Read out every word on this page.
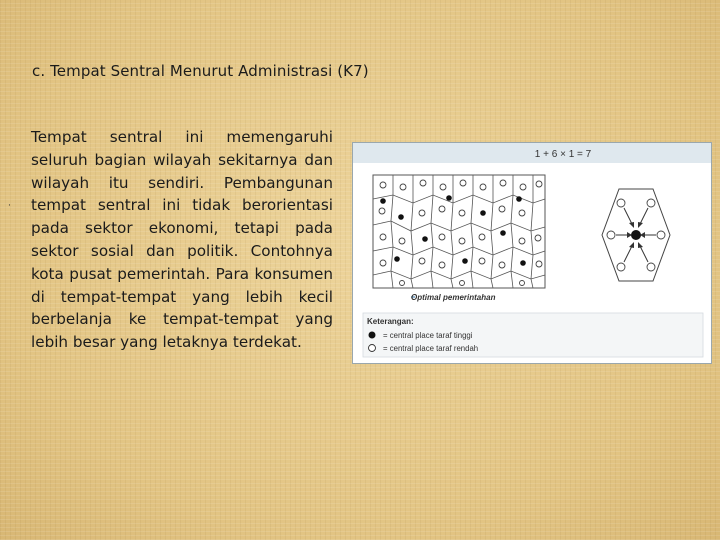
c. Tempat Sentral Menurut Administrasi (K7)
·

Tempat sentral ini memengaruhi seluruh bagian wilayah sekitarnya dan wilayah itu sendiri. Pembangunan tempat sentral ini tidak berorientasi pada sektor ekonomi, tetapi pada sektor sosial dan politik. Contohnya kota pusat pemerintah. Para konsumen di tempat-tempat yang lebih kecil berbelanja ke tempat-tempat yang lebih besar yang letaknya terdekat.

1 + 6 × 1 = 7
Optimal pemerintahan
Keterangan:
= central place taraf tinggi
= central place taraf rendah
